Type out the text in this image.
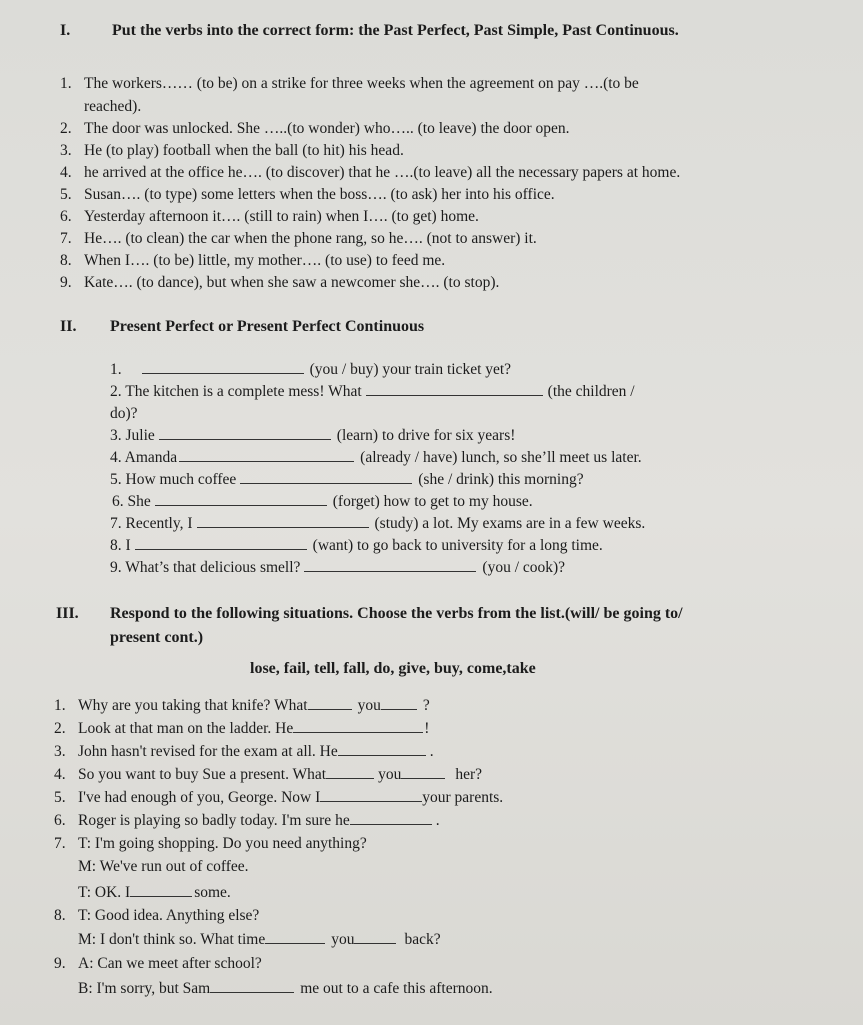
I.	Put the verbs into the correct form: the Past Perfect, Past Simple, Past Continuous.
1. The workers…… (to be) on a strike for three weeks when the agreement on pay ….(to be
reached).
2. The door was unlocked. She …..(to wonder) who….. (to leave) the door open.
3. He (to play) football when the ball (to hit) his head.
4. he arrived at the office he…. (to discover) that he ….(to leave) all the necessary papers at home.
5. Susan…. (to type) some letters when the boss…. (to ask) her into his office.
6. Yesterday afternoon it…. (still to rain) when I…. (to get) home.
7. He…. (to clean) the car when the phone rang, so he…. (not to answer) it.
8. When I…. (to be) little, my mother…. (to use) to feed me.
9. Kate…. (to dance), but when she saw a newcomer she…. (to stop).
II. Present Perfect or Present Perfect Continuous
1.	(you / buy) your train ticket yet?
2. The kitchen is a complete mess! What	(the children /
do)?
3. Julie	(learn) to drive for six years!
4. Amanda	(already / have) lunch, so she’ll meet us later.
5. How much coffee	(she / drink) this morning?
6. She	(forget) how to get to my house.
7. Recently, I	(study) a lot. My exams are in a few weeks.
8. I	(want) to go back to university for a long time.
9. What’s that delicious smell?	(you / cook)?
III. Respond to the following situations. Choose the verbs from the list.(will/ be going to/
present cont.)
lose, fail, tell, fall, do, give, buy, come,take
1. Why are you taking that knife? What	you	?
2. Look at that man on the ladder. He	!
3. John hasn't revised for the exam at all. He	.
4. So you want to buy Sue a present. What	you	her?
5. I've had enough of you, George. Now I	your parents.
6. Roger is playing so badly today. I'm sure he	.
7. T: I'm going shopping. Do you need anything?
M: We've run out of coffee.
T: OK. I	some.
8. T: Good idea. Anything else?
M: I don't think so. What time	you	back?
9. A: Can we meet after school?
B: I'm sorry, but Sam	me out to a cafe this afternoon.
